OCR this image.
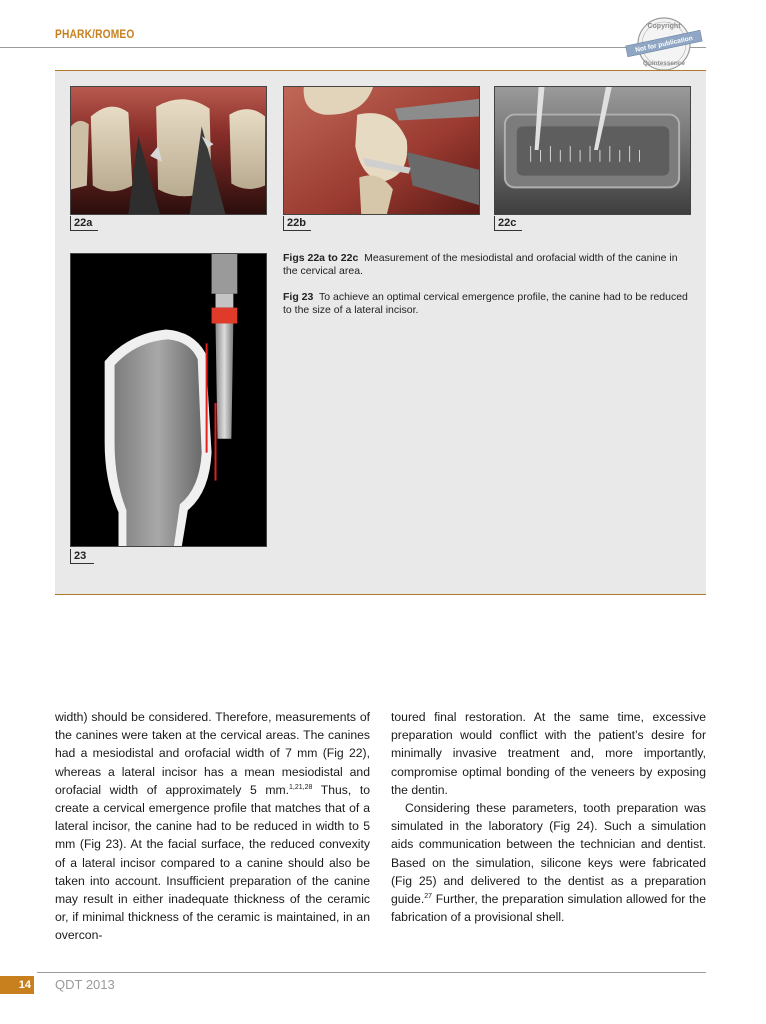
PHARK/ROMEO
Copyright
Not for publication
Quintessence
22a	22b	22c
23
Figs 22a to 22c Measurement of the mesiodistal and orofacial width of the canine in the cervical area.
Fig 23 To achieve an optimal cervical emergence profile, the canine had to be reduced to the size of a lateral incisor.

width) should be considered. Therefore, measurements of the canines were taken at the cervical areas. The canines had a mesiodistal and orofacial width of 7 mm (Fig 22), whereas a lateral incisor has a mean mesiodistal and orofacial width of approximately 5 mm.$^{1,21,28}$ Thus, to create a cervical emergence profile that matches that of a lateral incisor, the canine had to be reduced in width to 5 mm (Fig 23). At the facial surface, the reduced convexity of a lateral incisor compared to a canine should also be taken into account. Insufficient preparation of the canine may result in either inadequate thickness of the ceramic or, if minimal thickness of the ceramic is maintained, in an overcon-

toured final restoration. At the same time, excessive preparation would conflict with the patient’s desire for minimally invasive treatment and, more importantly, compromise optimal bonding of the veneers by exposing the dentin.

Considering these parameters, tooth preparation was simulated in the laboratory (Fig 24). Such a simulation aids communication between the technician and dentist. Based on the simulation, silicone keys were fabricated (Fig 25) and delivered to the dentist as a preparation guide.$^{27}$ Further, the preparation simulation allowed for the fabrication of a provisional shell.

14 QDT 2013
